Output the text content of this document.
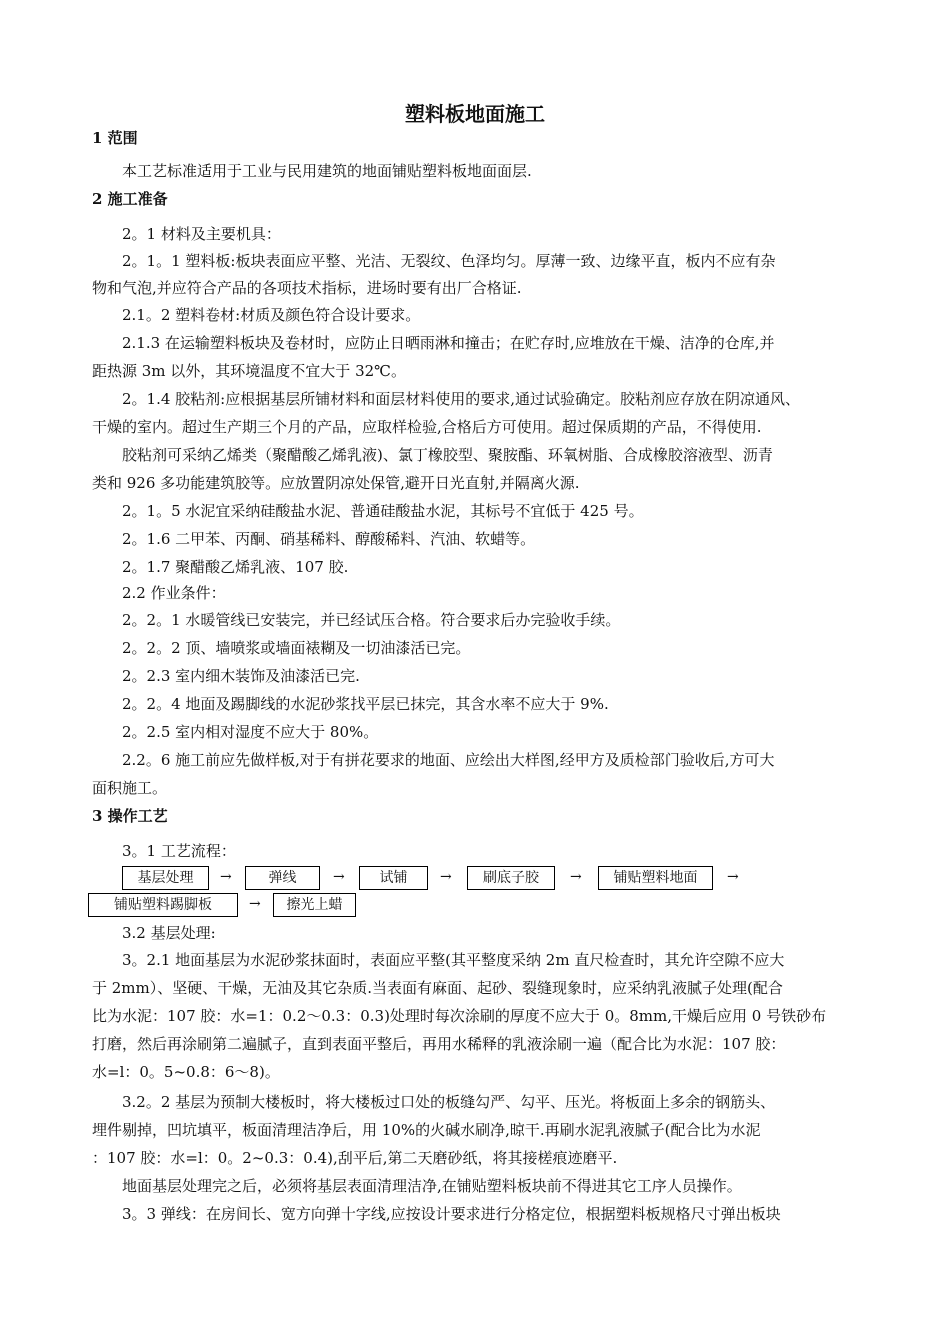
塑料板地面施工
1 范围
本工艺标准适用于工业与民用建筑的地面铺贴塑料板地面面层.
2 施工准备
2。1 材料及主要机具：
2。1。1 塑料板:板块表面应平整、光洁、无裂纹、色泽均匀。厚薄一致、边缘平直，板内不应有杂
物和气泡,并应符合产品的各项技术指标，进场时要有出厂合格证.
2.1。2 塑料卷材:材质及颜色符合设计要求。
2.1.3 在运输塑料板块及卷材时，应防止日晒雨淋和撞击；在贮存时,应堆放在干燥、洁净的仓库,并
距热源 3m 以外，其环境温度不宜大于 32℃。
2。1.4 胶粘剂:应根据基层所铺材料和面层材料使用的要求,通过试验确定。胶粘剂应存放在阴凉通风、
干燥的室内。超过生产期三个月的产品，应取样检验,合格后方可使用。超过保质期的产品，不得使用.
胶粘剂可采纳乙烯类（聚醋酸乙烯乳液)、氯丁橡胶型、聚胺酯、环氧树脂、合成橡胶溶液型、沥青
类和 926 多功能建筑胶等。应放置阴凉处保管,避开日光直射,并隔离火源.
2。1。5 水泥宜采纳硅酸盐水泥、普通硅酸盐水泥，其标号不宜低于 425 号。
2。1.6 二甲苯、丙酮、硝基稀料、醇酸稀料、汽油、软蜡等。
2。1.7 聚醋酸乙烯乳液、107 胶.
2.2 作业条件：
2。2。1 水暖管线已安装完，并已经试压合格。符合要求后办完验收手续。
2。2。2 顶、墙喷浆或墙面裱糊及一切油漆活已完。
2。2.3 室内细木装饰及油漆活已完.
2。2。4 地面及踢脚线的水泥砂浆找平层已抹完，其含水率不应大于 9%.
2。2.5 室内相对湿度不应大于 80%。
2.2。6 施工前应先做样板,对于有拼花要求的地面、应绘出大样图,经甲方及质检部门验收后,方可大
面积施工。
3 操作工艺
3。1 工艺流程：
基层处理	→	弹线	→	试铺	→	刷底子胶	→	铺贴塑料地面	→
铺贴塑料踢脚板	→	擦光上蜡
3.2 基层处理:
3。2.1 地面基层为水泥砂浆抹面时，表面应平整(其平整度采纳 2m 直尺检查时，其允许空隙不应大
于 2mm）、坚硬、干燥，无油及其它杂质.当表面有麻面、起砂、裂缝现象时，应采纳乳液腻子处理(配合
比为水泥：107 胶：水=1：0.2～0.3：0.3)处理时每次涂刷的厚度不应大于 0。8mm,干燥后应用 0 号铁砂布
打磨，然后再涂刷第二遍腻子，直到表面平整后，再用水稀释的乳液涂刷一遍（配合比为水泥：107 胶：
水=l：0。5~0.8：6～8)。
3.2。2 基层为预制大楼板时，将大楼板过口处的板缝勾严、勾平、压光。将板面上多余的钢筋头、
埋件剔掉，凹坑填平，板面清理洁净后，用 10%的火碱水刷净,晾干.再刷水泥乳液腻子(配合比为水泥
：107 胶：水=l：0。2~0.3：0.4),刮平后,第二天磨砂纸，将其接槎痕迹磨平.
地面基层处理完之后，必须将基层表面清理洁净,在铺贴塑料板块前不得进其它工序人员操作。
3。3 弹线：在房间长、宽方向弹十字线,应按设计要求进行分格定位，根据塑料板规格尺寸弹出板块
